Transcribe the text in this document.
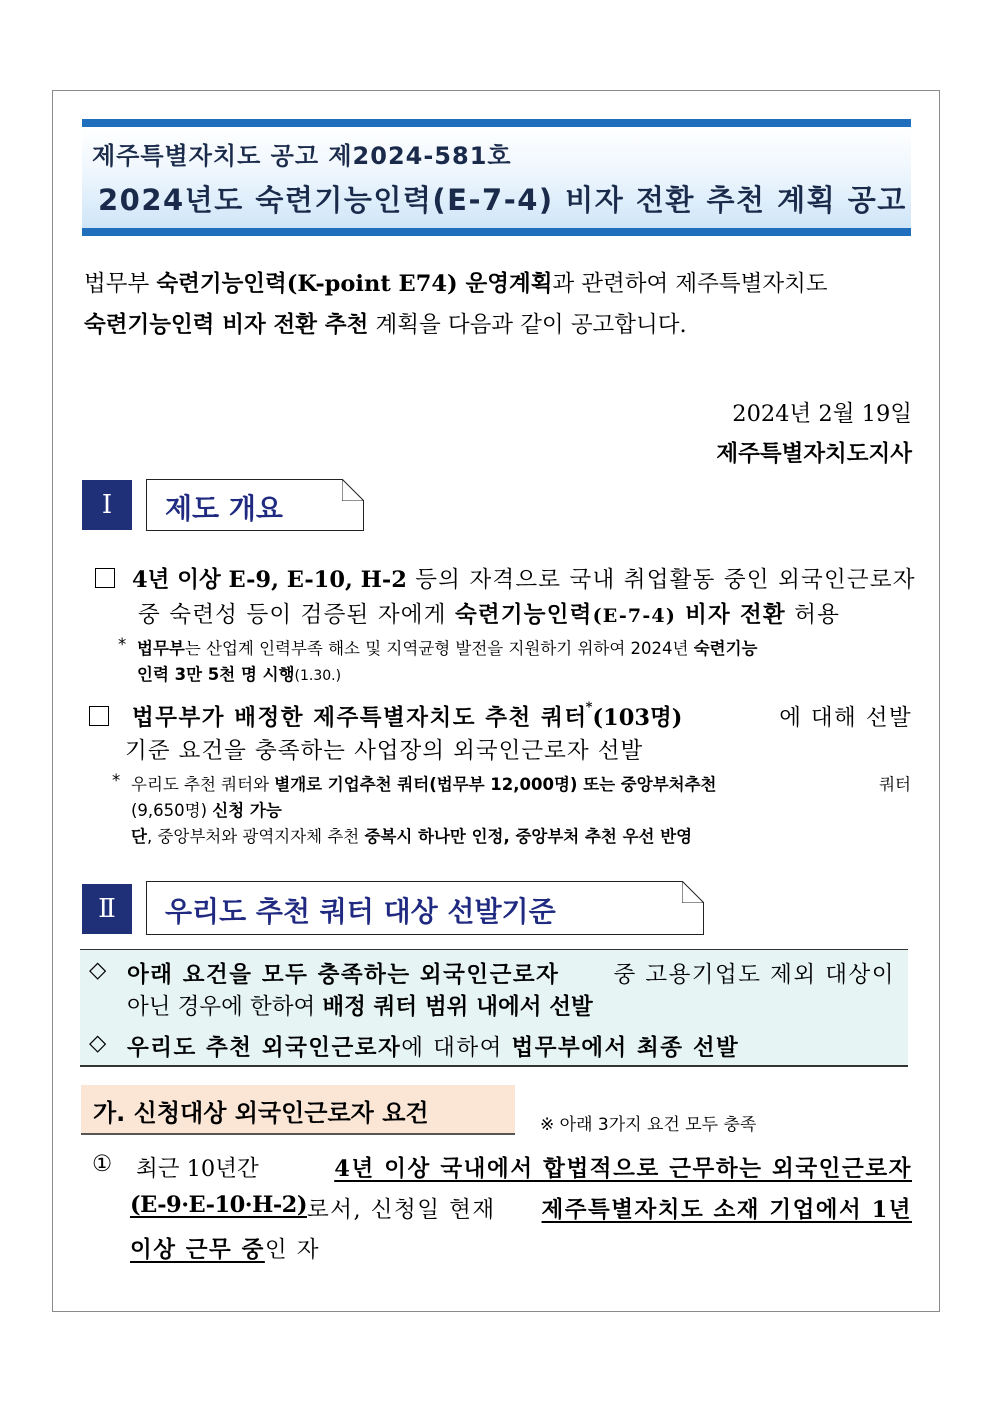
제주특별자치도 공고 제2024-581호
2024년도 숙련기능인력(E-7-4) 비자 전환 추천 계획 공고
법무부 숙련기능인력(K-point E74) 운영계획과 관련하여 제주특별자치도
숙련기능인력 비자 전환 추천 계획을 다음과 같이 공고합니다.
2024년 2월 19일
제주특별자치도지사
Ⅰ	제도 개요
4년 이상 E-9, E-10, H-2 등의 자격으로 국내 취업활동 중인 외국인근로자
중 숙련성 등이 검증된 자에게 숙련기능인력(E-7-4) 비자 전환 허용
* 법무부는 산업계 인력부족 해소 및 지역균형 발전을 지원하기 위하여 2024년 숙련기능
인력 3만 5천 명 시행(1.30.)
법무부가 배정한 제주특별자치도 추천 쿼터
* (103명)	에 대해 선발
기준 요건을 충족하는 사업장의 외국인근로자 선발
* 우리도 추천 쿼터와 별개로 기업추천 쿼터(법무부 12,000명) 또는 중앙부처추천	쿼터
(9,650명) 신청 가능
단, 중앙부처와 광역지자체 추천 중복시 하나만 인정, 중앙부처 추천 우선 반영
Ⅱ	우리도 추천 쿼터 대상 선발기준
◇ 아래 요건을 모두 충족하는 외국인근로자	중 고용기업도 제외 대상이
아닌 경우에 한하여 배정 쿼터 범위 내에서 선발
◇ 우리도 추천 외국인근로자에 대하여 법무부에서 최종 선발
가. 신청대상 외국인근로자 요건	※ 아래 3가지 요건 모두 충족
① 최근 10년간	4년 이상 국내에서 합법적으로 근무하는 외국인근로자
(E-9·E-10·H-2) 로서, 신청일 현재	제주특별자치도 소재 기업에서 1년
이상 근무 중인 자
